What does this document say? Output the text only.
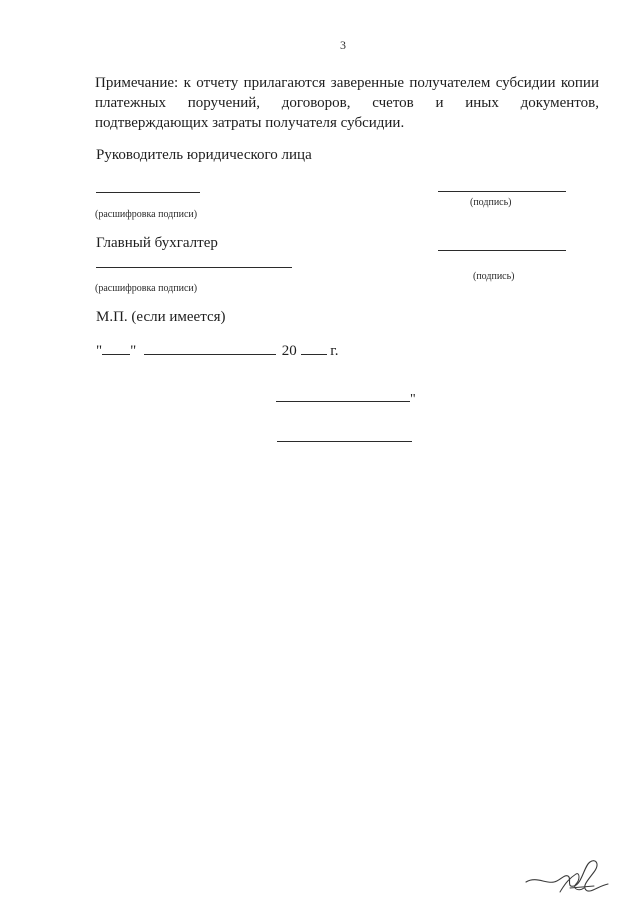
3
Примечание: к отчету прилагаются заверенные получателем субсидии копии
платежных поручений, договоров, счетов и иных документов,
подтверждающих затраты получателя субсидии.
Руководитель юридического лица
(расшифровка подписи)
(подпись)
Главный бухгалтер
(подпись)
(расшифровка подписи)
М.П. (если имеется)
" "	20 г.
"
